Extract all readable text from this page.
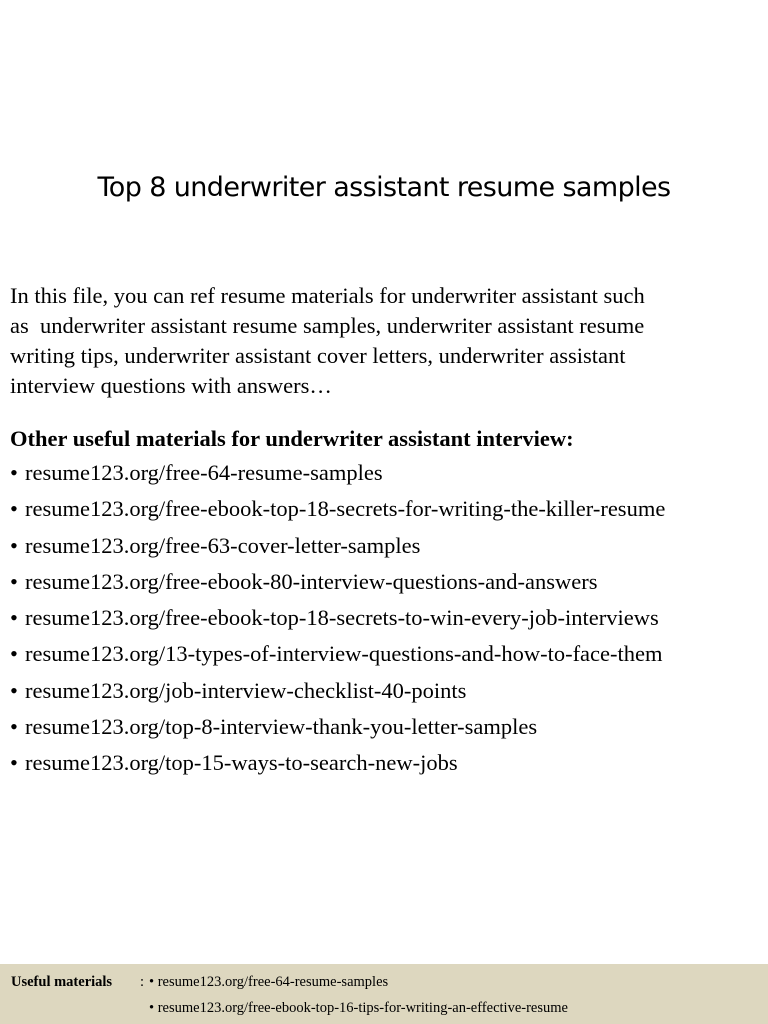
Top 8 underwriter assistant resume samples

In this file, you can ref resume materials for underwriter assistant such
as  underwriter assistant resume samples, underwriter assistant resume
writing tips, underwriter assistant cover letters, underwriter assistant
interview questions with answers…

Other useful materials for underwriter assistant interview:

• resume123.org/free-64-resume-samples
• resume123.org/free-ebook-top-18-secrets-for-writing-the-killer-resume
• resume123.org/free-63-cover-letter-samples
• resume123.org/free-ebook-80-interview-questions-and-answers
• resume123.org/free-ebook-top-18-secrets-to-win-every-job-interviews
• resume123.org/13-types-of-interview-questions-and-how-to-face-them
• resume123.org/job-interview-checklist-40-points
• resume123.org/top-8-interview-thank-you-letter-samples
• resume123.org/top-15-ways-to-search-new-jobs
Useful materials : • resume123.org/free-64-resume-samples
• resume123.org/free-ebook-top-16-tips-for-writing-an-effective-resume
